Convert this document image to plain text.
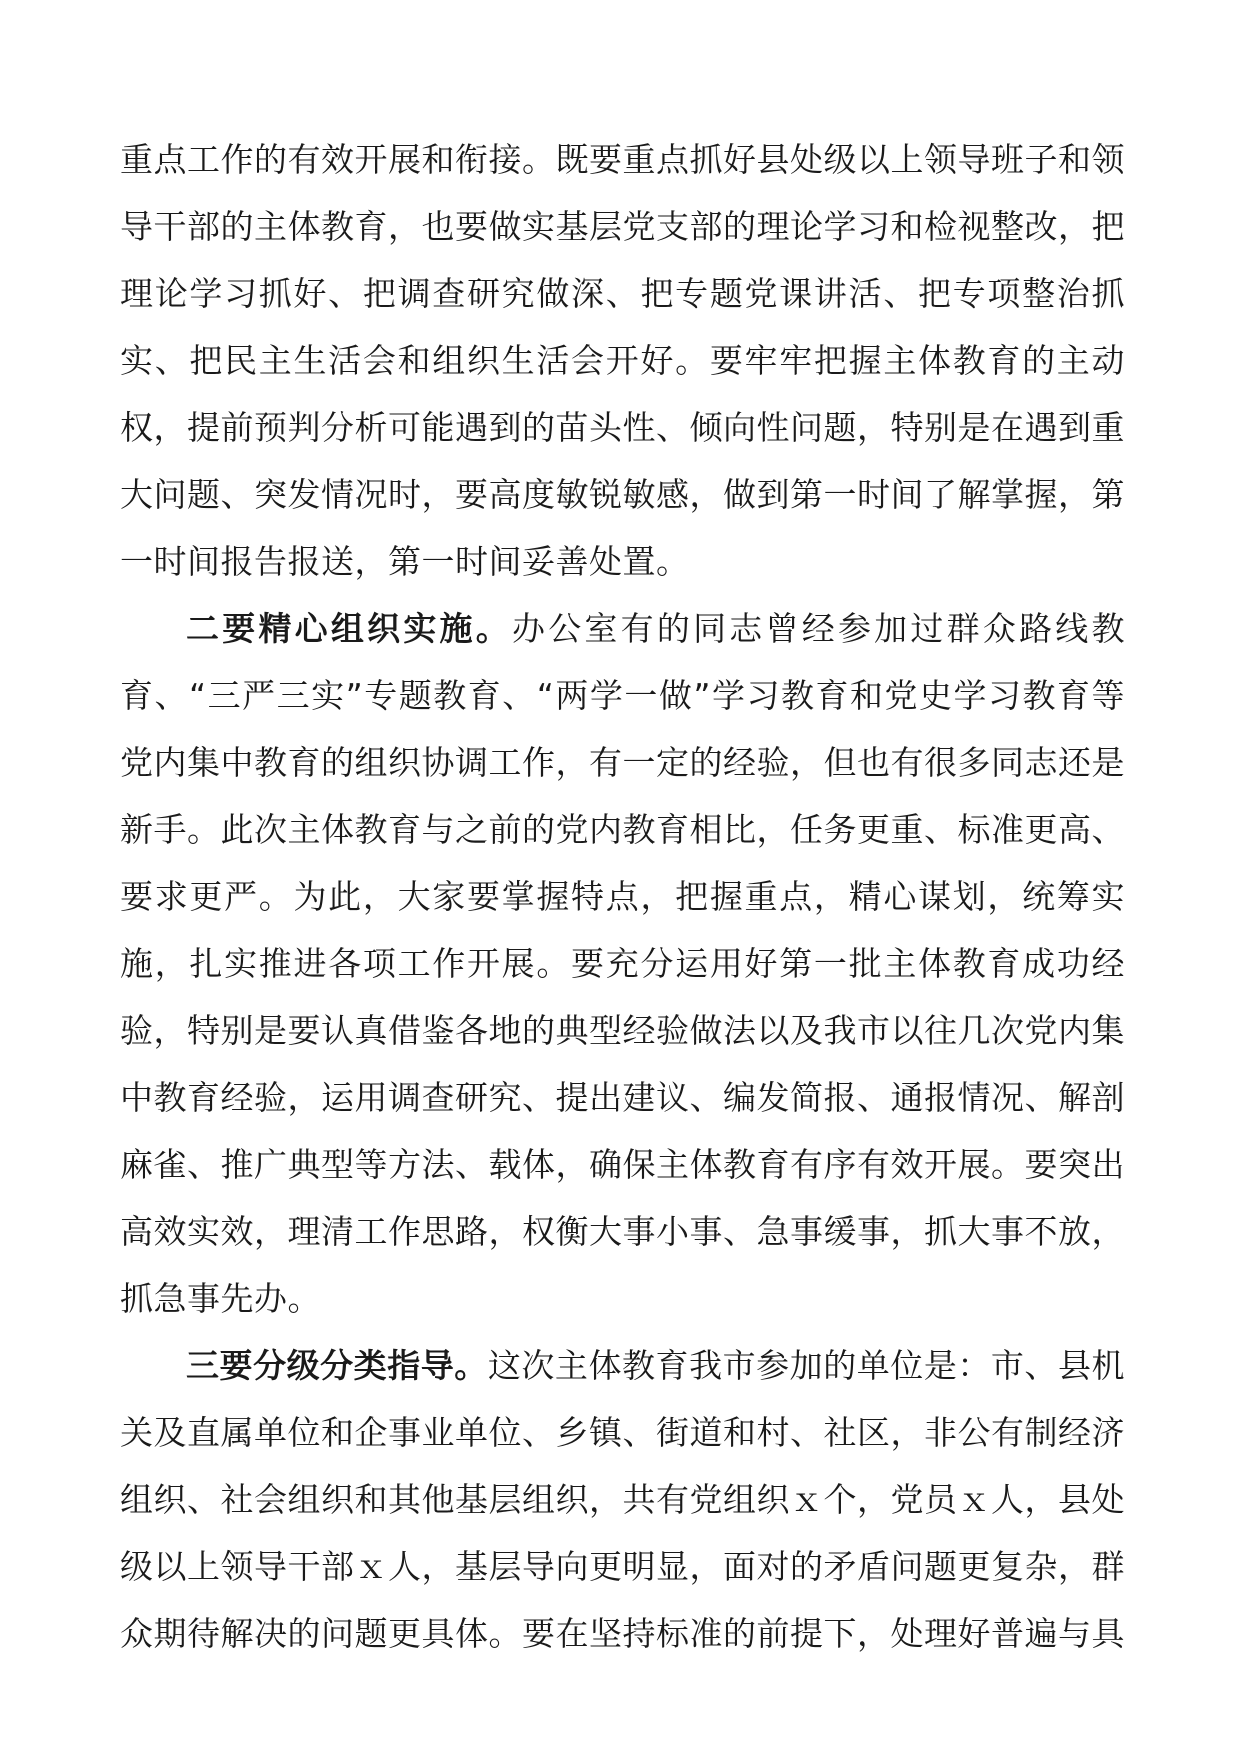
重点工作的有效开展和衔接。既要重点抓好县处级以上领导班子和领导干部的主体教育，也要做实基层党支部的理论学习和检视整改，把理论学习抓好、把调查研究做深、把专题党课讲活、把专项整治抓实、把民主生活会和组织生活会开好。要牢牢把握主体教育的主动权，提前预判分析可能遇到的苗头性、倾向性问题，特别是在遇到重大问题、突发情况时，要高度敏锐敏感，做到第一时间了解掌握，第一时间报告报送，第一时间妥善处置。

二要精心组织实施。办公室有的同志曾经参加过群众路线教育、“三严三实”专题教育、“两学一做”学习教育和党史学习教育等党内集中教育的组织协调工作，有一定的经验，但也有很多同志还是新手。此次主体教育与之前的党内教育相比，任务更重、标准更高、要求更严。为此，大家要掌握特点，把握重点，精心谋划，统筹实施，扎实推进各项工作开展。要充分运用好第一批主体教育成功经验，特别是要认真借鉴各地的典型经验做法以及我市以往几次党内集中教育经验，运用调查研究、提出建议、编发简报、通报情况、解剖麻雀、推广典型等方法、载体，确保主体教育有序有效开展。要突出高效实效，理清工作思路，权衡大事小事、急事缓事，抓大事不放，抓急事先办。

三要分级分类指导。这次主体教育我市参加的单位是：市、县机关及直属单位和企事业单位、乡镇、街道和村、社区，非公有制经济组织、社会组织和其他基层组织，共有党组织ｘ个，党员ｘ人，县处级以上领导干部ｘ人，基层导向更明显，面对的矛盾问题更复杂，群众期待解决的问题更具体。要在坚持标准的前提下，处理好普遍与具
